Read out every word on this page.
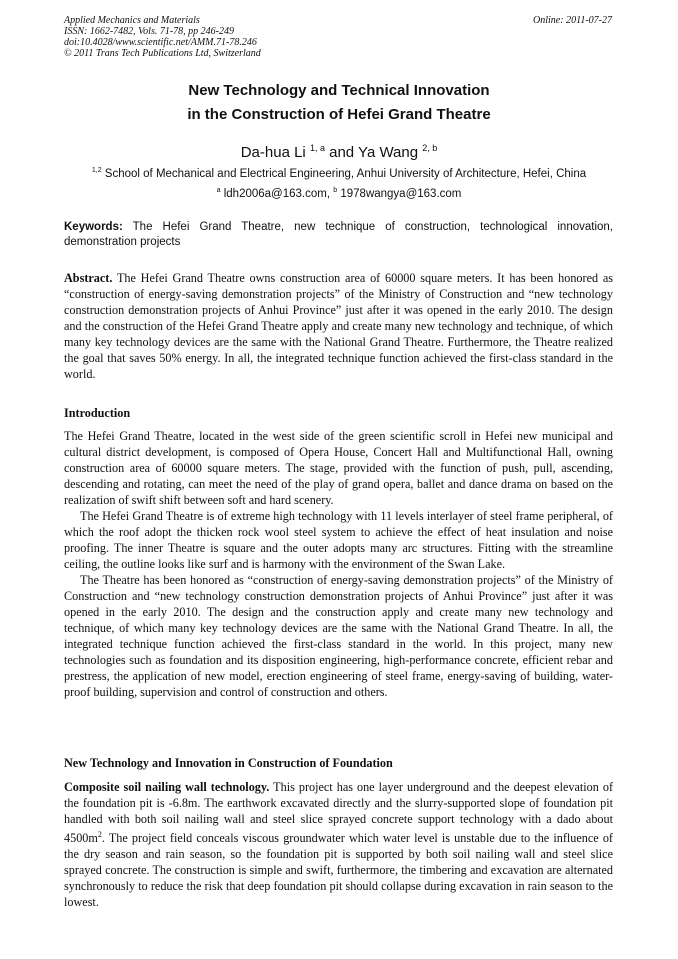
Applied Mechanics and Materials
ISSN: 1662-7482, Vols. 71-78, pp 246-249
doi:10.4028/www.scientific.net/AMM.71-78.246
© 2011 Trans Tech Publications Ltd, Switzerland
Online: 2011-07-27
New Technology and Technical Innovation
in the Construction of Hefei Grand Theatre
Da-hua Li $^{1, a}$ and Ya Wang $^{2, b}$
$^{1,2}$ School of Mechanical and Electrical Engineering, Anhui University of Architecture, Hefei, China
$^a$ ldh2006a@163.com, $^b$ 1978wangya@163.com
Keywords: The Hefei Grand Theatre, new technique of construction, technological innovation, demonstration projects
Abstract. The Hefei Grand Theatre owns construction area of 60000 square meters. It has been honored as “construction of energy-saving demonstration projects” of the Ministry of Construction and “new technology construction demonstration projects of Anhui Province” just after it was opened in the early 2010. The design and the construction of the Hefei Grand Theatre apply and create many new technology and technique, of which many key technology devices are the same with the National Grand Theatre. Furthermore, the Theatre realized the goal that saves 50% energy. In all, the integrated technique function achieved the first-class standard in the world.
Introduction

The Hefei Grand Theatre, located in the west side of the green scientific scroll in Hefei new municipal and cultural district development, is composed of Opera House, Concert Hall and Multifunctional Hall, owning construction area of 60000 square meters. The stage, provided with the function of push, pull, ascending, descending and rotating, can meet the need of the play of grand opera, ballet and dance drama on based on the realization of swift shift between soft and hard scenery.

The Hefei Grand Theatre is of extreme high technology with 11 levels interlayer of steel frame peripheral, of which the roof adopt the thicken rock wool steel system to achieve the effect of heat insulation and noise proofing. The inner Theatre is square and the outer adopts many arc structures. Fitting with the streamline ceiling, the outline looks like surf and is harmony with the environment of the Swan Lake.

The Theatre has been honored as “construction of energy-saving demonstration projects” of the Ministry of Construction and “new technology construction demonstration projects of Anhui Province” just after it was opened in the early 2010. The design and the construction apply and create many new technology and technique, of which many key technology devices are the same with the National Grand Theatre. In all, the integrated technique function achieved the first-class standard in the world. In this project, many new technologies such as foundation and its disposition engineering, high-performance concrete, efficient rebar and prestress, the application of new model, erection engineering of steel frame, energy-saving of building, water-proof building, supervision and control of construction and others.

New Technology and Innovation in Construction of Foundation
Composite soil nailing wall technology. This project has one layer underground and the deepest elevation of the foundation pit is -6.8m. The earthwork excavated directly and the slurry-supported slope of foundation pit handled with both soil nailing wall and steel slice sprayed concrete support technology with a dado about $4500m^2$. The project field conceals viscous groundwater which water level is unstable due to the influence of the dry season and rain season, so the foundation pit is supported by both soil nailing wall and steel slice sprayed concrete. The construction is simple and swift, furthermore, the timbering and excavation are alternated synchronously to reduce the risk that deep foundation pit should collapse during excavation in rain season to the lowest.
